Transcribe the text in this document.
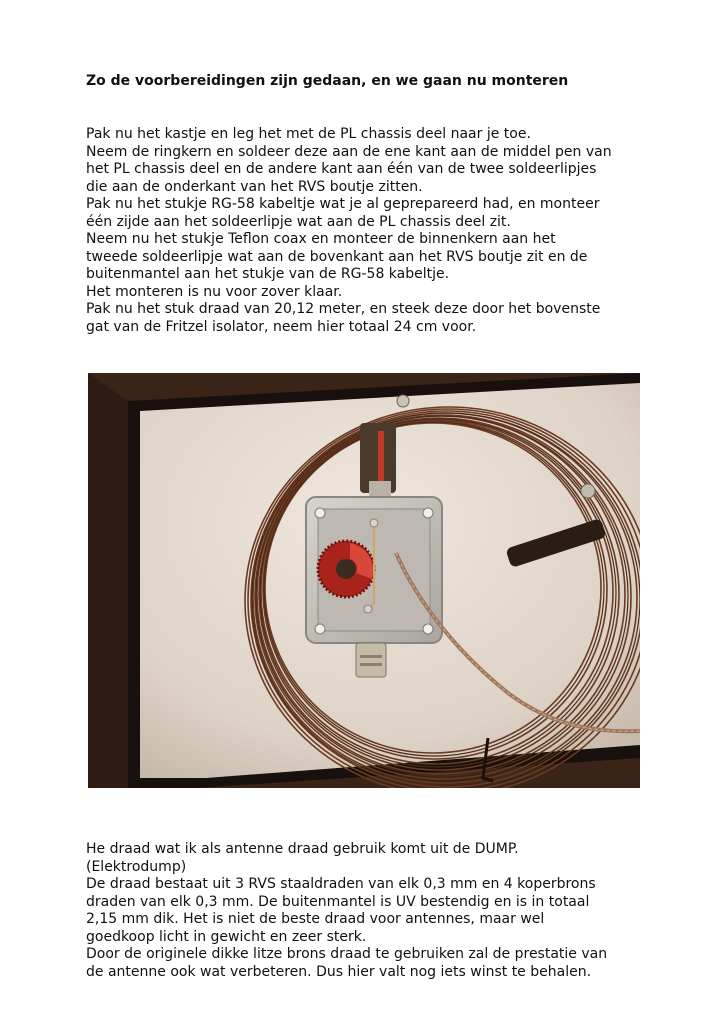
Zo de voorbereidingen zijn gedaan, en we gaan nu monteren
Pak nu het kastje en leg het met de PL chassis deel naar je toe.
Neem de ringkern en soldeer deze aan de ene kant aan de middel pen van
het PL chassis deel en de andere kant aan één van de twee soldeerlipjes
die aan de onderkant van het RVS boutje zitten.
Pak nu het stukje RG-58 kabeltje wat je al geprepareerd had, en monteer
één zijde aan het soldeerlipje wat aan de PL chassis deel zit.
Neem nu het stukje Teflon coax en monteer de binnenkern aan het
tweede soldeerlipje wat aan de bovenkant aan het RVS boutje zit en de
buitenmantel aan het stukje van de RG-58 kabeltje.
Het monteren is nu voor zover klaar.
Pak nu het stuk draad van 20,12 meter, en steek deze door het bovenste
gat van de Fritzel isolator, neem hier totaal 24 cm voor.
He draad wat ik als antenne draad gebruik komt uit de DUMP.
(Elektrodump)
De draad bestaat uit 3 RVS staaldraden van elk 0,3 mm en 4 koperbrons
draden van elk 0,3 mm. De buitenmantel is UV bestendig en is in totaal
2,15 mm dik. Het is niet de beste draad voor antennes, maar wel
goedkoop licht in gewicht en zeer sterk.
Door de originele dikke litze brons draad te gebruiken zal de prestatie van
de antenne ook wat verbeteren. Dus hier valt nog iets winst te behalen.
